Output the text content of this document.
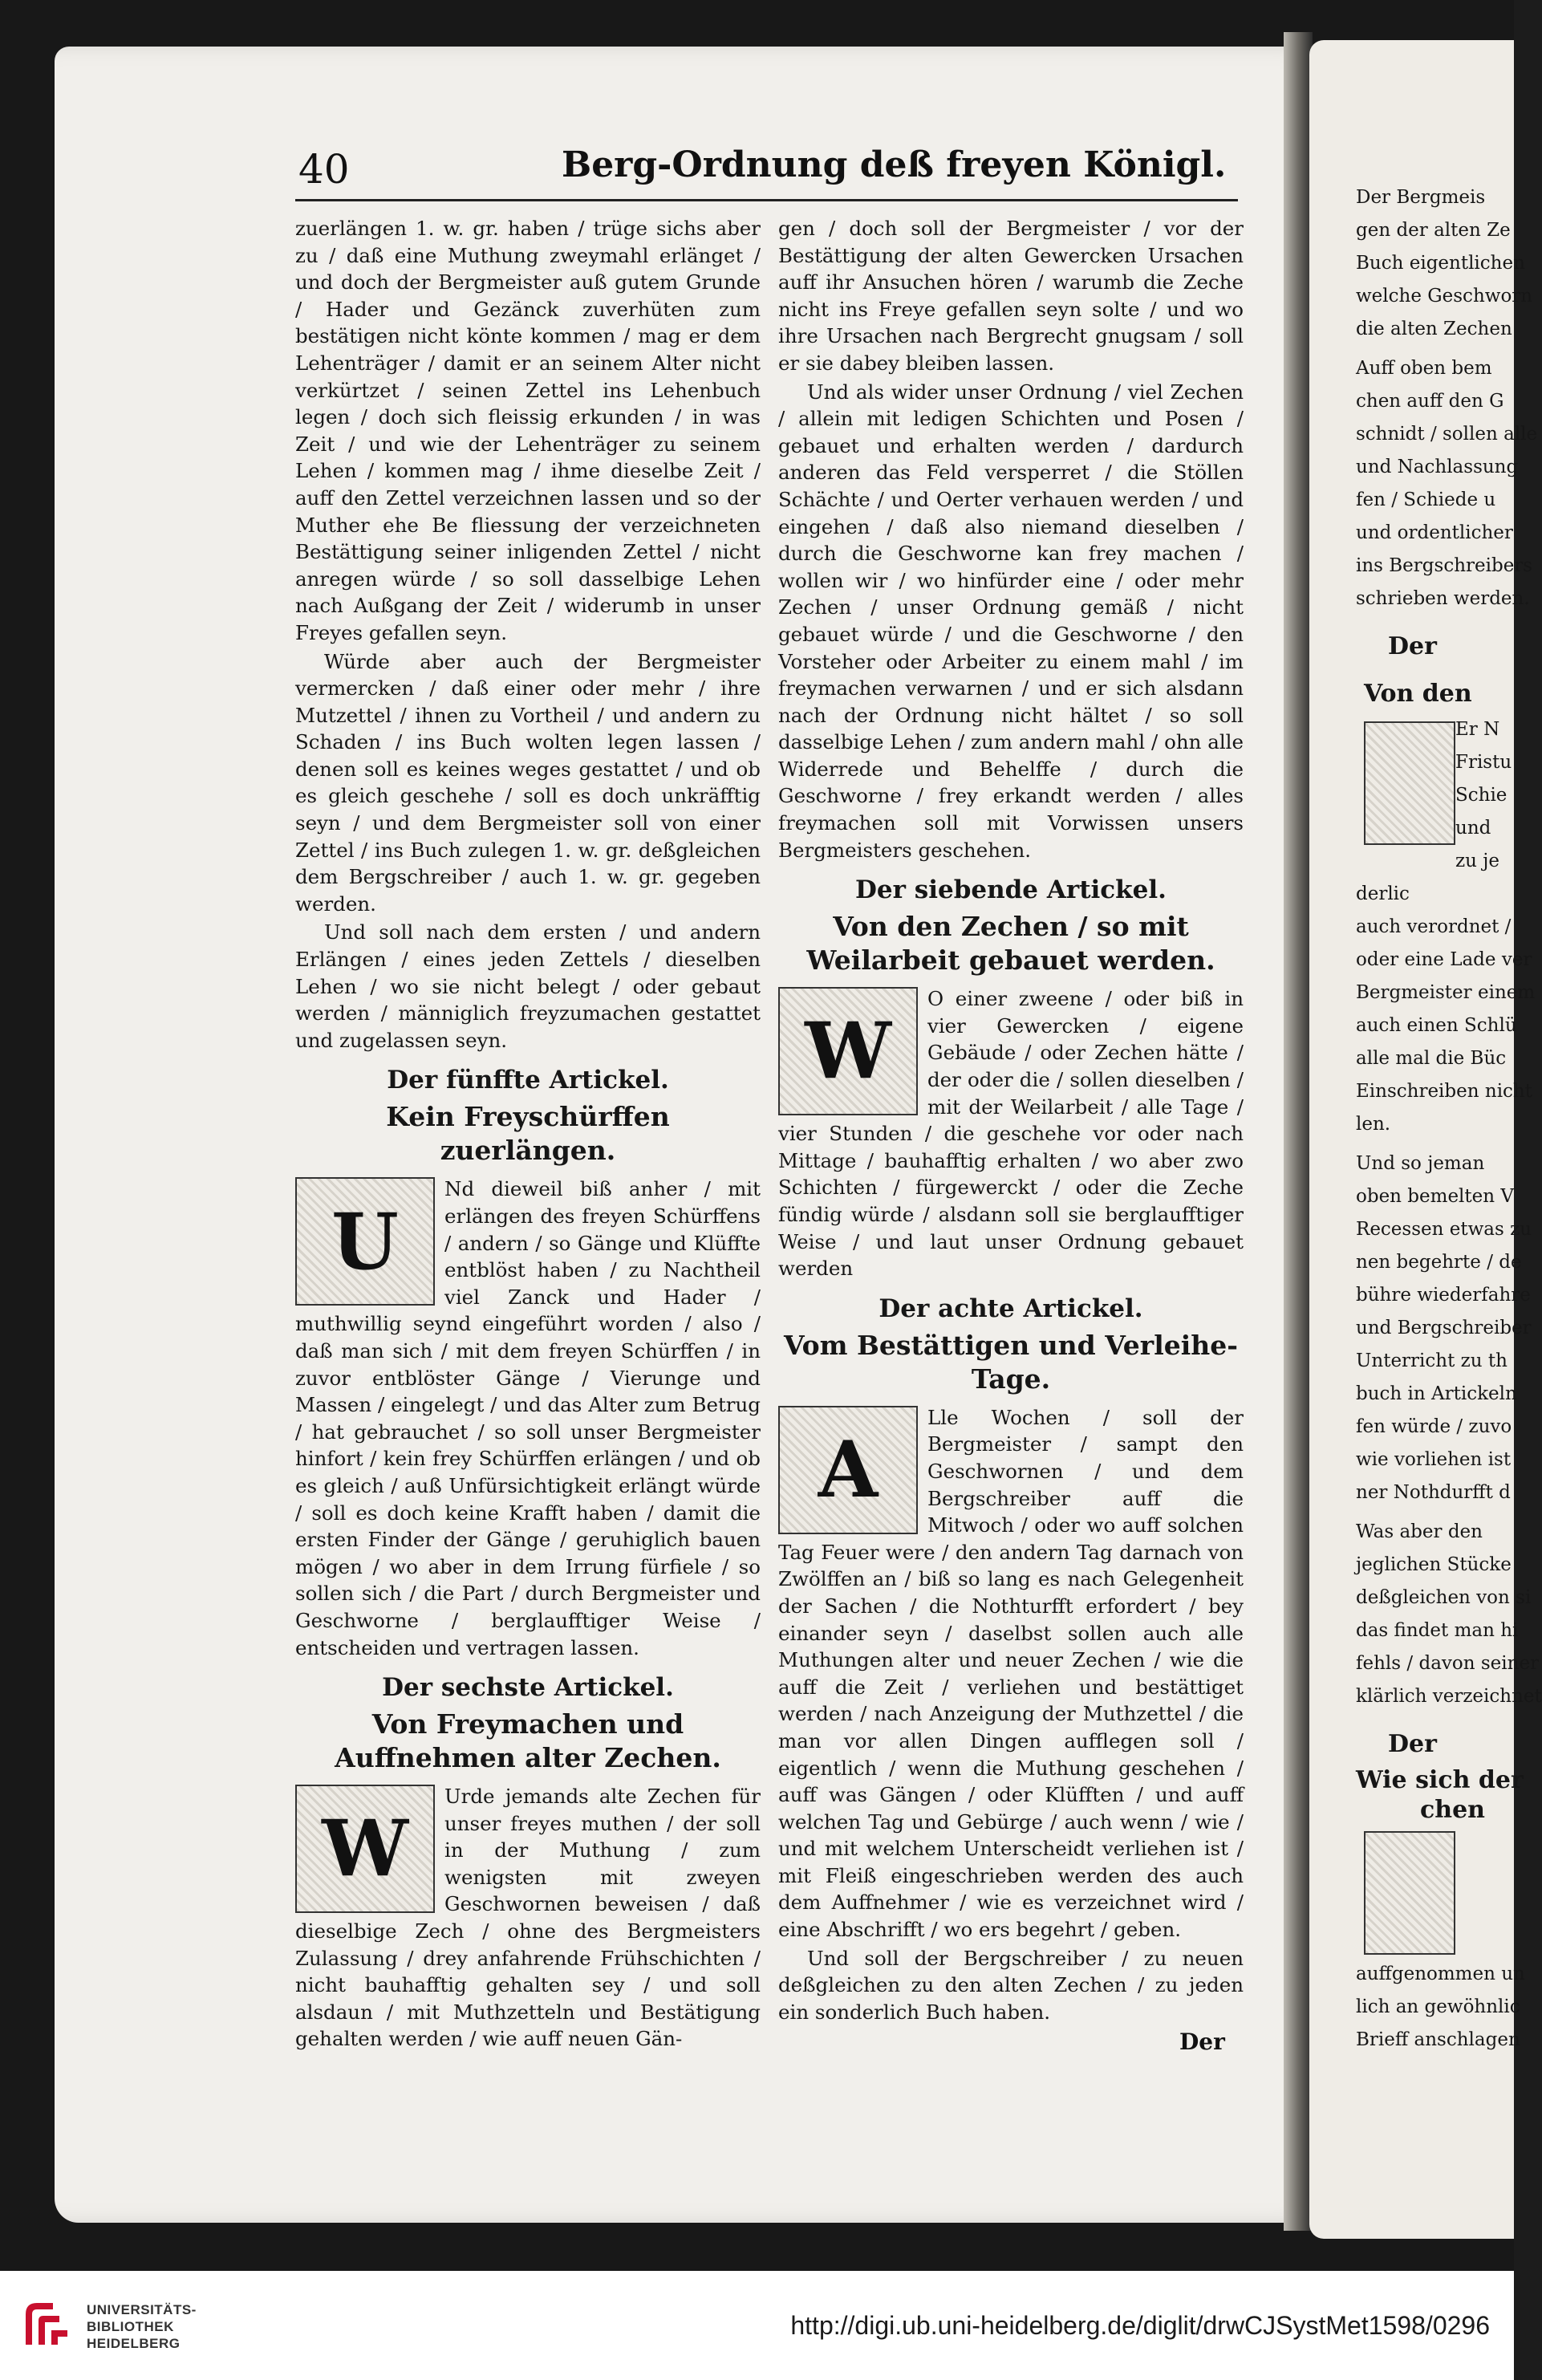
40	Berg-Ordnung deß freyen Königl.

zuerlängen 1. w. gr. haben / trüge sichs aber zu / daß eine Muthung zweymahl erlänget / und doch der Bergmeister auß gutem Grunde / Hader und Gezänck zuverhüten zum bestätigen nicht könte kommen / mag er dem Lehenträger / damit er an seinem Alter nicht verkürtzet / seinen Zettel ins Lehenbuch legen / doch sich fleissig erkunden / in was Zeit / und wie der Lehenträger zu seinem Lehen / kommen mag / ihme dieselbe Zeit / auff den Zettel verzeichnen lassen und so der Muther ehe Be fliessung der verzeichneten Bestättigung seiner inligenden Zettel / nicht anregen würde / so soll dasselbige Lehen nach Außgang der Zeit / widerumb in unser Freyes gefallen seyn.

Würde aber auch der Bergmeister vermercken / daß einer oder mehr / ihre Mutzettel / ihnen zu Vortheil / und andern zu Schaden / ins Buch wolten legen lassen / denen soll es keines weges gestattet / und ob es gleich geschehe / soll es doch unkräfftig seyn / und dem Bergmeister soll von einer Zettel / ins Buch zulegen 1. w. gr. deßgleichen dem Bergschreiber / auch 1. w. gr. gegeben werden.

Und soll nach dem ersten / und andern Erlängen / eines jeden Zettels / dieselben Lehen / wo sie nicht belegt / oder gebaut werden / männiglich freyzumachen gestattet und zugelassen seyn.

Der fünffte Artickel.
Kein Freyschürffen zuerlängen.

U
Nd dieweil biß anher / mit erlängen des freyen Schürffens / andern / so Gänge und Klüffte entblöst haben / zu Nachtheil viel Zanck und Hader / muthwillig seynd eingeführt worden / also / daß man sich / mit dem freyen Schürffen / in zuvor entblöster Gänge / Vierunge und Massen / eingelegt / und das Alter zum Betrug / hat gebrauchet / so soll unser Bergmeister hinfort / kein frey Schürffen erlängen / und ob es gleich / auß Unfürsichtigkeit erlängt würde / soll es doch keine Krafft haben / damit die ersten Finder der Gänge / geruhiglich bauen mögen / wo aber in dem Irrung fürfiele / so sollen sich / die Part / durch Bergmeister und Geschworne / berglaufftiger Weise / entscheiden und vertragen lassen.

Der sechste Artickel.
Von Freymachen und Auffnehmen alter Zechen.

W
Urde jemands alte Zechen für unser freyes muthen / der soll in der Muthung / zum wenigsten mit zweyen Geschwornen beweisen / daß dieselbige Zech / ohne des Bergmeisters Zulassung / drey anfahrende Frühschichten / nicht bauhafftig gehalten sey / und soll alsdaun / mit Muthzetteln und Bestätigung gehalten werden / wie auff neuen Gän-

gen / doch soll der Bergmeister / vor der Bestättigung der alten Gewercken Ursachen auff ihr Ansuchen hören / warumb die Zeche nicht ins Freye gefallen seyn solte / und wo ihre Ursachen nach Bergrecht gnugsam / soll er sie dabey bleiben lassen.

Und als wider unser Ordnung / viel Zechen / allein mit ledigen Schichten und Posen / gebauet und erhalten werden / dardurch anderen das Feld versperret / die Stöllen Schächte / und Oerter verhauen werden / und eingehen / daß also niemand dieselben / durch die Geschworne kan frey machen / wollen wir / wo hinfürder eine / oder mehr Zechen / unser Ordnung gemäß / nicht gebauet würde / und die Geschworne / den Vorsteher oder Arbeiter zu einem mahl / im freymachen verwarnen / und er sich alsdann nach der Ordnung nicht hältet / so soll dasselbige Lehen / zum andern mahl / ohn alle Widerrede und Behelffe / durch die Geschworne / frey erkandt werden / alles freymachen soll mit Vorwissen unsers Bergmeisters geschehen.

Der siebende Artickel.
Von den Zechen / so mit Weilarbeit gebauet werden.

W
O einer zweene / oder biß in vier Gewercken / eigene Gebäude / oder Zechen hätte / der oder die / sollen dieselben / mit der Weilarbeit / alle Tage / vier Stunden / die geschehe vor oder nach Mittage / bauhafftig erhalten / wo aber zwo Schichten / fürgewerckt / oder die Zeche fündig würde / alsdann soll sie berglaufftiger Weise / und laut unser Ordnung gebauet werden

Der achte Artickel.
Vom Bestättigen und Verleihe-Tage.

A
Lle Wochen / soll der Bergmeister / sampt den Geschwornen / und dem Bergschreiber auff die Mitwoch / oder wo auff solchen Tag Feuer were / den andern Tag darnach von Zwölffen an / biß so lang es nach Gelegenheit der Sachen / die Nothturfft erfordert / bey einander seyn / daselbst sollen auch alle Muthungen alter und neuer Zechen / wie die auff die Zeit / verliehen und bestättiget werden / nach Anzeigung der Muthzettel / die man vor allen Dingen aufflegen soll / eigentlich / wenn die Muthung geschehen / auff was Gängen / oder Klüfften / und auff welchen Tag und Gebürge / auch wenn / wie / und mit welchem Unterscheidt verliehen ist / mit Fleiß eingeschrieben werden des auch dem Auffnehmer / wie es verzeichnet wird / eine Abschrifft / wo ers begehrt / geben.

Und soll der Bergschreiber / zu neuen deßgleichen zu den alten Zechen / zu jeden ein sonderlich Buch haben.

Der

Der Bergmeis

gen der alten Ze

Buch eigentlichen

welche Geschworn

die alten Zechen

Auff oben bem

chen auff den G

schnidt / sollen alle

und Nachlassung

fen / Schiede u

und ordentlicher

ins Bergschreibers

schrieben werden.

Der

Von den

Er N

Fristu

Schie

und

zu je

derlic

auch verordnet /

oder eine Lade ver

Bergmeister einem

auch einen Schlü

alle mal die Büc

Einschreiben nicht

len.

Und so jeman

oben bemelten V

Recessen etwas zu

nen begehrte / de

bühre wiederfahre

und Bergschreiber

Unterricht zu th

buch in Artickeln

fen würde / zuvo

wie vorliehen ist

ner Nothdurfft d

Was aber den

jeglichen Stücke

deßgleichen von si

das findet man hi

fehls / davon seiner

klärlich verzeichnet

Der

Wie sich der

chen

auffgenommen un

lich an gewöhnlic

Brieff anschlagen

UNIVERSITÄTS-
BIBLIOTHEK
HEIDELBERG
http://digi.ub.uni-heidelberg.de/diglit/drwCJSystMet1598/0296
